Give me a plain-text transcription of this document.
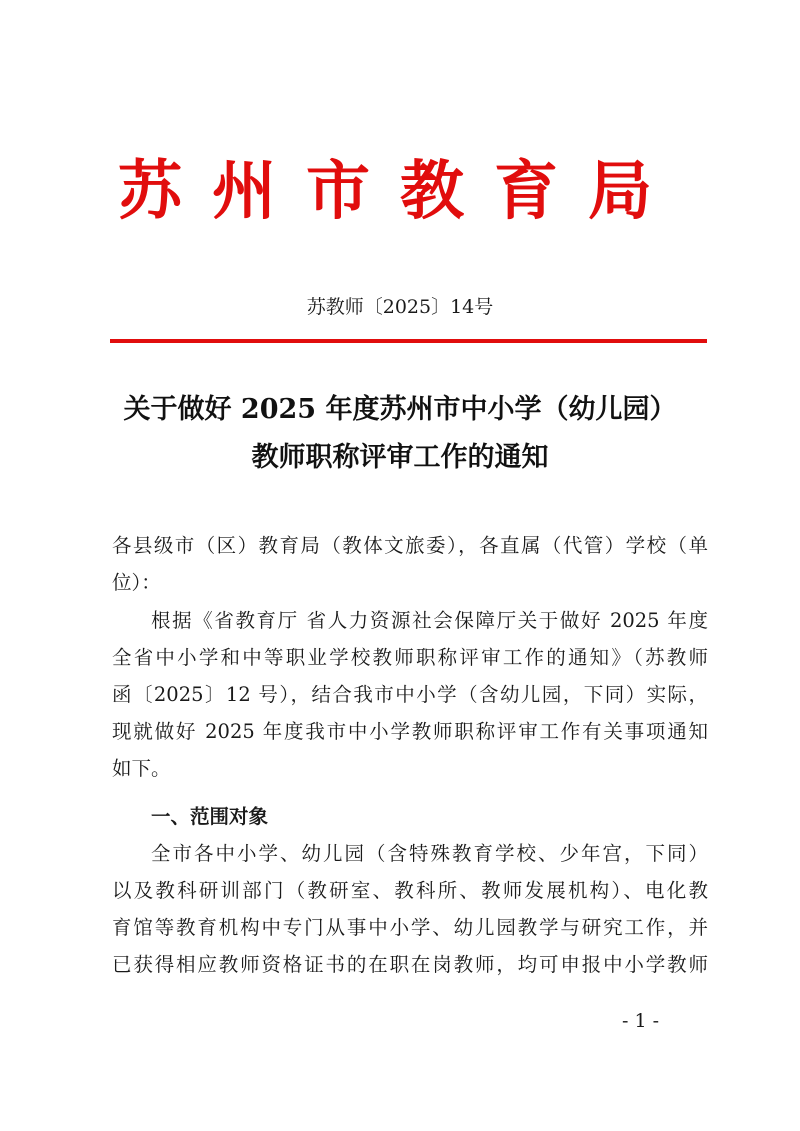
苏州市教育局
苏教师〔2025〕14号
关于做好 2025 年度苏州市中小学（幼儿园）
教师职称评审工作的通知
各县级市（区）教育局（教体文旅委），各直属（代管）学校（单
位）：
根据《省教育厅 省人力资源社会保障厅关于做好 2025 年度
全省中小学和中等职业学校教师职称评审工作的通知》（苏教师
函〔2025〕12 号），结合我市中小学（含幼儿园，下同）实际，
现就做好 2025 年度我市中小学教师职称评审工作有关事项通知
如下。
一、范围对象
全市各中小学、幼儿园（含特殊教育学校、少年宫，下同）
以及教科研训部门（教研室、教科所、教师发展机构）、电化教
育馆等教育机构中专门从事中小学、幼儿园教学与研究工作，并
已获得相应教师资格证书的在职在岗教师，均可申报中小学教师
- 1 -
